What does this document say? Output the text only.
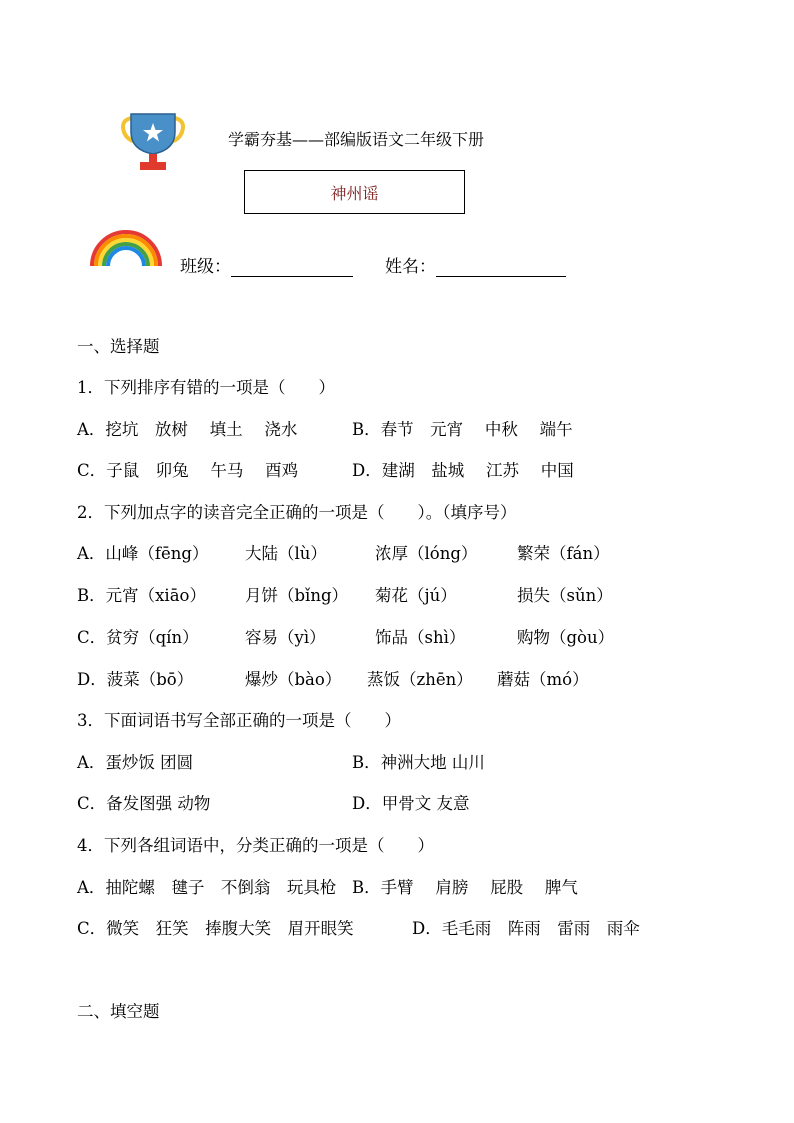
学霸夯基——部编版语文二年级下册
神州谣
班级：	姓名：
一、选择题
1．下列排序有错的一项是（　　）
A．挖坑　放树　 填土　 浇水	B．春节　元宵　 中秋　 端午
C．子鼠　卯兔　 午马　 酉鸡	D．建湖　盐城　 江苏　 中国
2．下列加点字的读音完全正确的一项是（　　）。（填序号）
A．山峰（fēng） 大陆（lù）	浓厚（lóng） 繁荣（fán）
B．元宵（xiāo） 月饼（bǐng） 菊花（jú）	损失（sǔn）
C．贫穷（qín）	容易（yì）	饰品（shì）	购物（gòu）
D．菠菜（bō）	爆炒（bào） 蒸饭（zhēn） 蘑菇（mó）
3．下面词语书写全部正确的一项是（　　）
A．蛋炒饭 团圆	B．神洲大地 山川
C．备发图强 动物	D．甲骨文 友意
4．下列各组词语中，分类正确的一项是（　　）
A．抽陀螺　毽子　不倒翁　玩具枪 B．手臂　 肩膀　 屁股　 脾气
C．微笑　狂笑　捧腹大笑　眉开眼笑	D．毛毛雨　阵雨　雷雨　雨伞
二、填空题
